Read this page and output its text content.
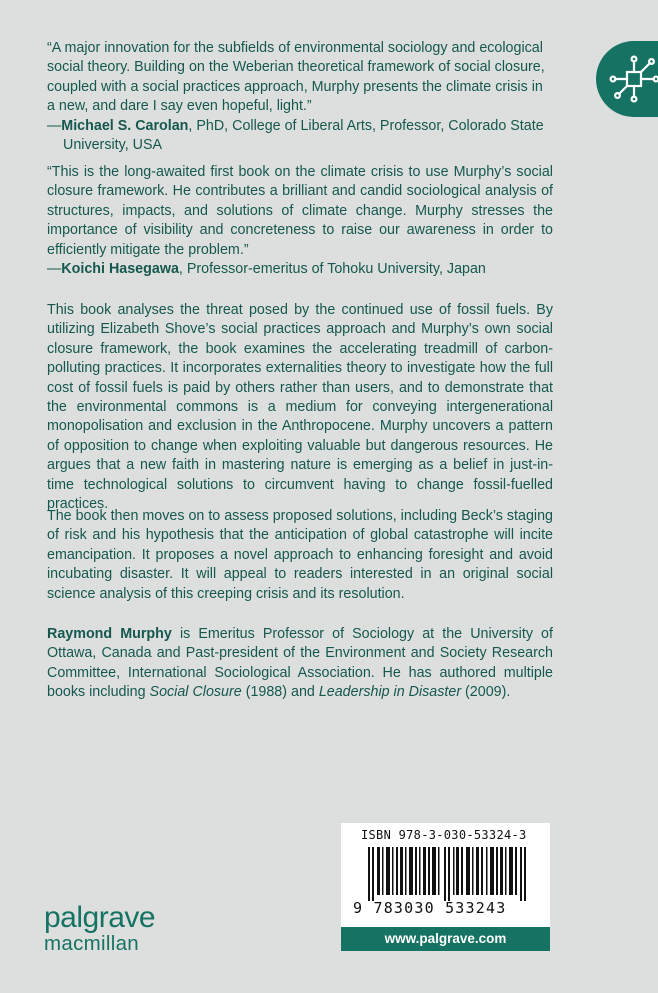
“A major innovation for the subfields of environmental sociology and ecological social theory. Building on the Weberian theoretical framework of social closure, coupled with a social practices approach, Murphy presents the climate crisis in a new, and dare I say even hopeful, light.”

—Michael S. Carolan, PhD, College of Liberal Arts, Professor, Colorado State University, USA

“This is the long-awaited first book on the climate crisis to use Murphy’s social closure framework. He contributes a brilliant and candid sociological analysis of structures, impacts, and solutions of climate change. Murphy stresses the importance of visibility and concreteness to raise our awareness in order to efficiently mitigate the problem.”

—Koichi Hasegawa, Professor-emeritus of Tohoku University, Japan

This book analyses the threat posed by the continued use of fossil fuels. By utilizing Elizabeth Shove’s social practices approach and Murphy’s own social closure framework, the book examines the accelerating treadmill of carbon-polluting practices. It incorporates externalities theory to investigate how the full cost of fossil fuels is paid by others rather than users, and to demonstrate that the environmental commons is a medium for conveying intergenerational monopolisation and exclusion in the Anthropocene. Murphy uncovers a pattern of opposition to change when exploiting valuable but dangerous resources. He argues that a new faith in mastering nature is emerging as a belief in just-in-time technological solutions to circumvent having to change fossil-fuelled practices.

The book then moves on to assess proposed solutions, including Beck’s staging of risk and his hypothesis that the anticipation of global catastrophe will incite emancipation. It proposes a novel approach to enhancing foresight and avoid incubating disaster. It will appeal to readers interested in an original social science analysis of this creeping crisis and its resolution.

Raymond Murphy is Emeritus Professor of Sociology at the University of Ottawa, Canada and Past-president of the Environment and Society Research Committee, International Sociological Association. He has authored multiple books including Social Closure (1988) and Leadership in Disaster (2009).

palgrave
macmillan
ISBN 978-3-030-53324-3
9 783030 533243
www.palgrave.com
